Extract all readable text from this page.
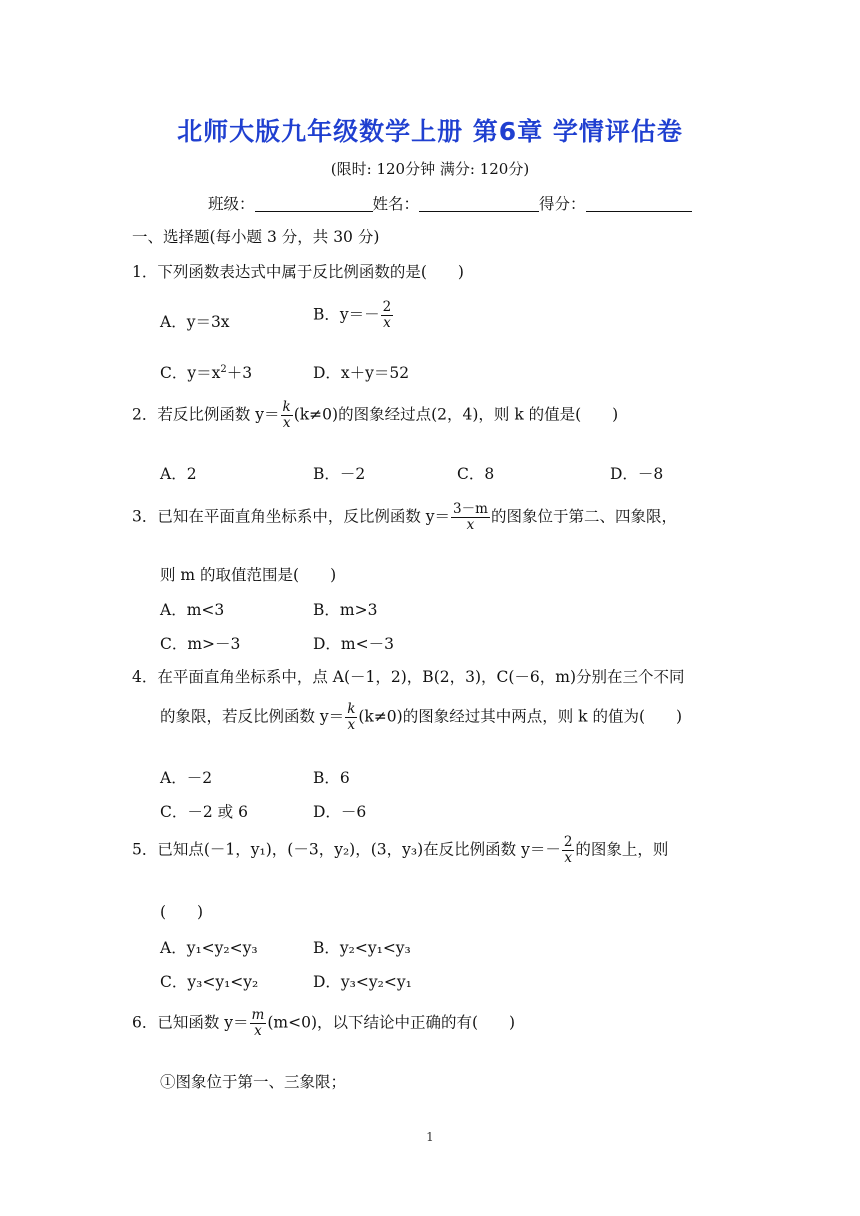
北师大版九年级数学上册 第6章 学情评估卷
(限时: 120分钟 满分: 120分)
班级：	姓名：	得分：
一、选择题(每小题 3 分，共 30 分)
1．下列函数表达式中属于反比例函数的是(　　)
A．y＝3x	B．$y=- \frac{2}{x}$
C．$y=x^2+3$	D．x＋y＝52
2．若反比例函数 $y= \frac{k}{x} (k\ne 0)$的图象经过点(2，4)，则 k 的值是(　　)
A．2	B．－2	C．8	D．－8
3．已知在平面直角坐标系中，反比例函数 $y= \frac{3-m}{x}$ 的图象位于第二、四象限，
则 m 的取值范围是(　　)
A．m<3	B．m>3
C．m>－3	D．m<－3
4．在平面直角坐标系中，点 A(－1，2)，B(2，3)，C(－6，m)分别在三个不同
的象限，若反比例函数 $y= \frac{k}{x} (k\ne 0)$的图象经过其中两点，则 k 的值为(　　)
A．－2	B．6
C．－2 或 6	D．－6
5．已知点(－1，y₁)，(－3，y₂)，(3，y₃)在反比例函数 $y=- \frac{2}{x}$ 的图象上，则
(　　)
A．y₁<y₂<y₃	B．y₂<y₁<y₃
C．y₃<y₁<y₂	D．y₃<y₂<y₁
6．已知函数 $y= \frac{m}{x} (m<0)$，以下结论中正确的有(　　)
①图象位于第一、三象限；
1
